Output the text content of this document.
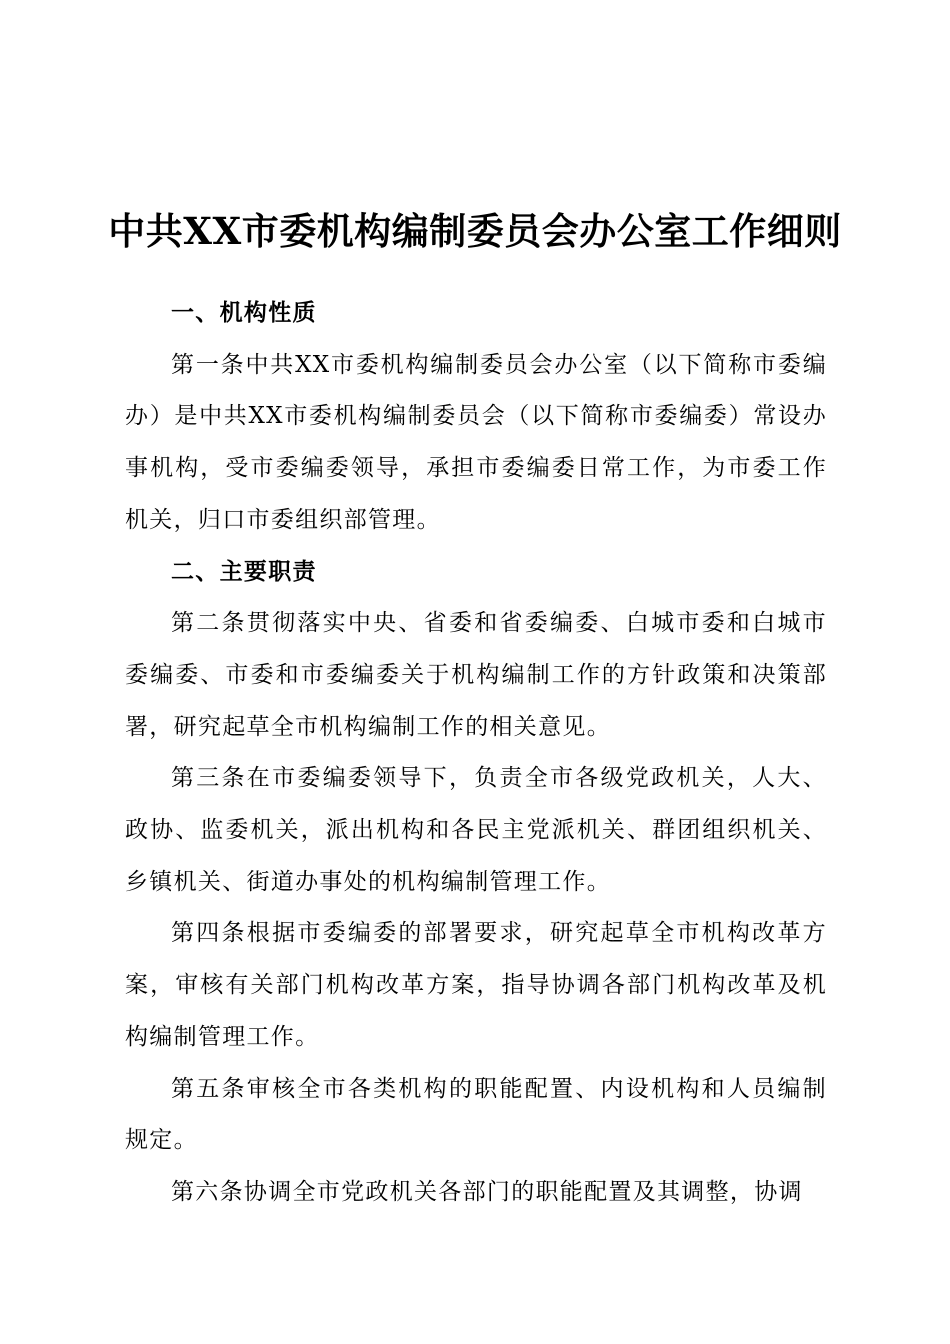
中共XX市委机构编制委员会办公室工作细则

一、机构性质

第一条中共XX市委机构编制委员会办公室（以下简称市委编办）是中共XX市委机构编制委员会（以下简称市委编委）常设办事机构，受市委编委领导，承担市委编委日常工作，为市委工作机关，归口市委组织部管理。

二、主要职责

第二条贯彻落实中央、省委和省委编委、白城市委和白城市委编委、市委和市委编委关于机构编制工作的方针政策和决策部署，研究起草全市机构编制工作的相关意见。

第三条在市委编委领导下，负责全市各级党政机关，人大、政协、监委机关，派出机构和各民主党派机关、群团组织机关、乡镇机关、街道办事处的机构编制管理工作。

第四条根据市委编委的部署要求，研究起草全市机构改革方案，审核有关部门机构改革方案，指导协调各部门机构改革及机构编制管理工作。

第五条审核全市各类机构的职能配置、内设机构和人员编制规定。

第六条协调全市党政机关各部门的职能配置及其调整，协调
